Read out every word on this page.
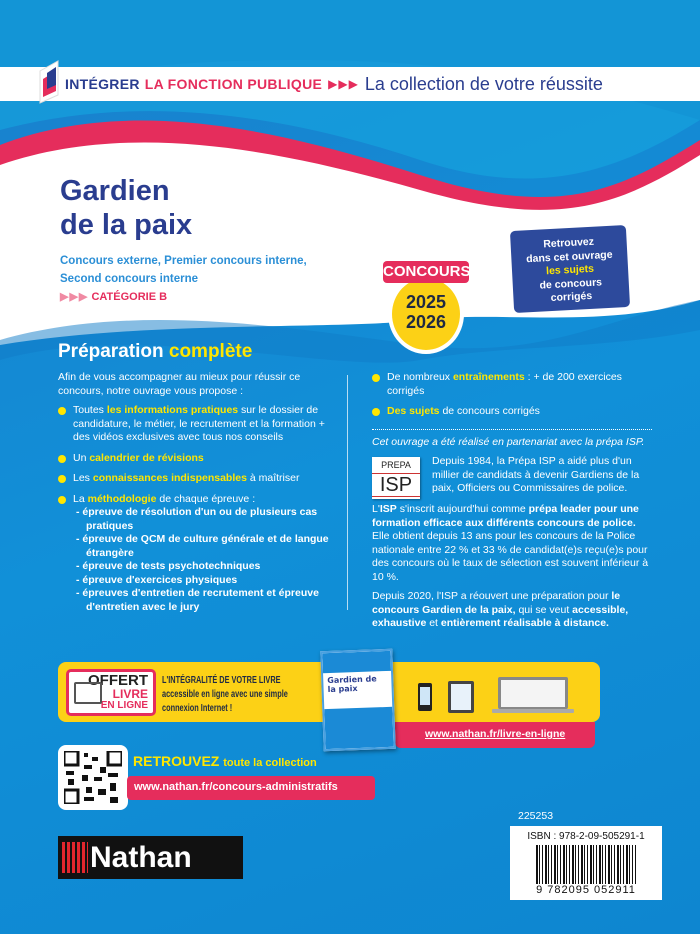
INTÉGRER LA FONCTION PUBLIQUE ▶▶▶ La collection de votre réussite
Gardien
de la paix
Concours externe, Premier concours interne,
Second concours interne
▶▶▶ CATÉGORIE B	2025
2026
CONCOURS
Retrouvez
dans cet ouvrage
les sujets
de concours
corrigés
Préparation complète

Afin de vous accompagner au mieux pour réussir ce concours, notre ouvrage vous propose :

Toutes les informations pratiques sur le dossier de candidature, le métier, le recrutement et la formation + des vidéos exclusives avec tous nos conseils
Un calendrier de révisions
Les connaissances indispensables à maîtriser
La méthodologie de chaque épreuve :
- épreuve de résolution d'un ou de plusieurs cas pratiques
- épreuve de QCM de culture générale et de langue étrangère
- épreuve de tests psychotechniques
- épreuve d'exercices physiques
- épreuves d'entretien de recrutement et épreuve d'entretien avec le jury
De nombreux entraînements : + de 200 exercices corrigés
Des sujets de concours corrigés

Cet ouvrage a été réalisé en partenariat avec la prépa ISP.

PREPA
ISP

Depuis 1984, la Prépa ISP a aidé plus d'un millier de candidats à devenir Gardiens de la paix, Officiers ou Commissaires de police.

L'ISP s'inscrit aujourd'hui comme prépa leader pour une formation efficace aux différents concours de police. Elle obtient depuis 13 ans pour les concours de la Police nationale entre 22 % et 33 % de candidat(e)s reçu(e)s pour des concours où le taux de sélection est souvent inférieur à 10 %.

Depuis 2020, l'ISP a réouvert une préparation pour le concours Gardien de la paix, qui se veut accessible, exhaustive et entièrement réalisable à distance.

OFFERT
LIVRE
EN LIGNE
L'INTÉGRALITÉ DE VOTRE LIVRE
accessible en ligne avec une simple
connexion Internet !
www.nathan.fr/livre-en-ligne
Gardien de la paix
RETROUVEZ toute la collection
www.nathan.fr/concours-administratifs
Nathan
225253
ISBN : 978-2-09-505291-1
9 782095 052911
